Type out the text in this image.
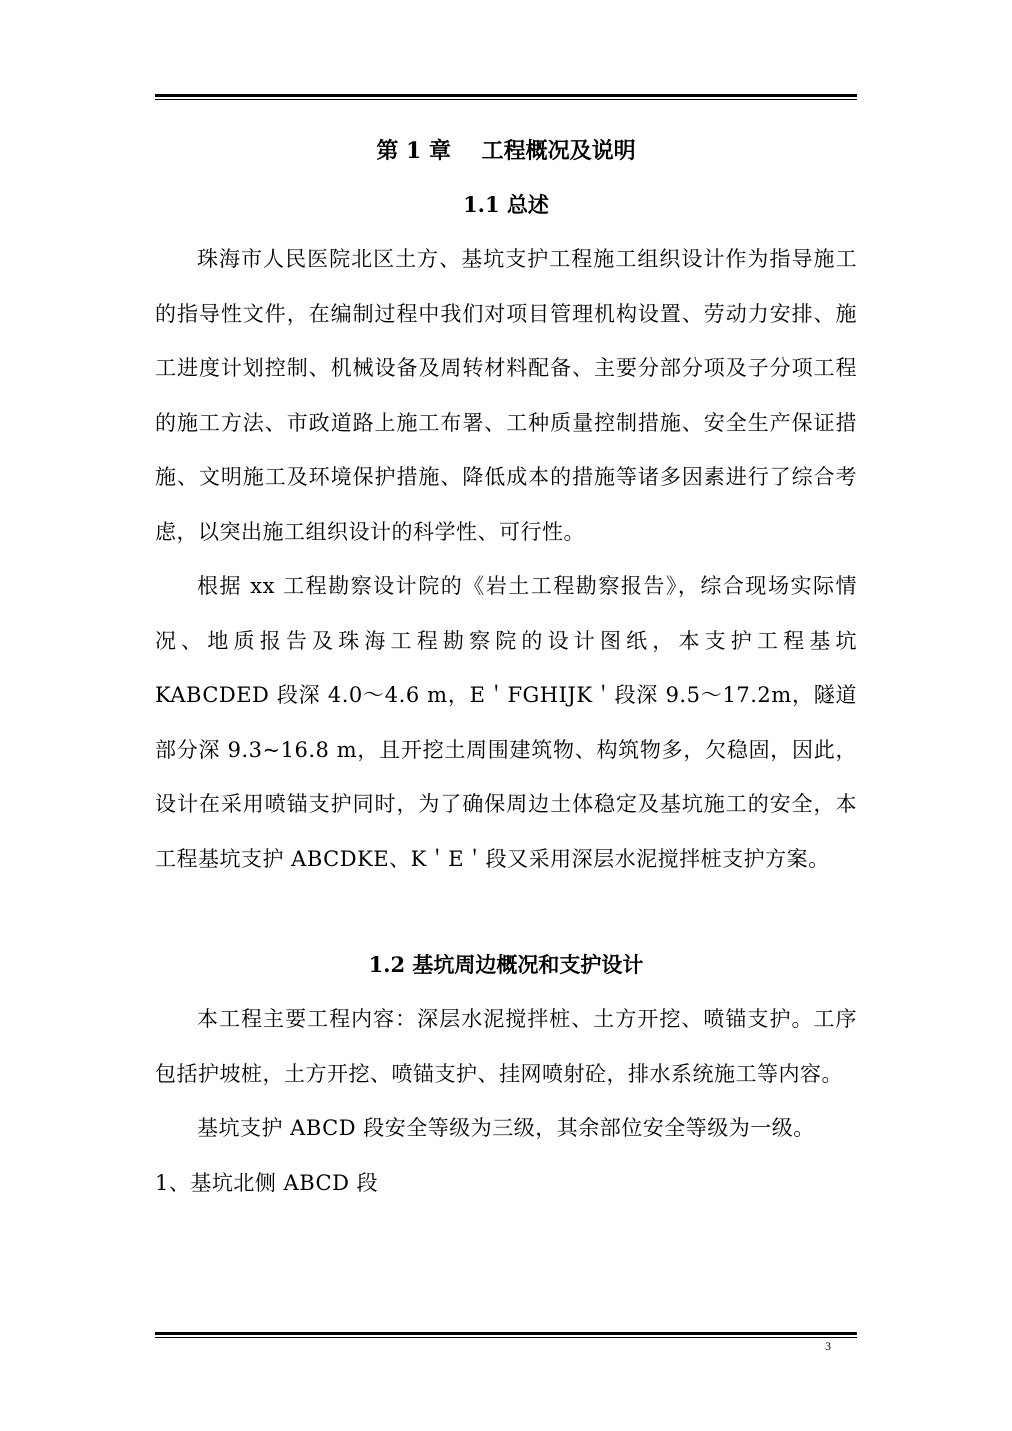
第 1 章    工程概况及说明
1.1 总述

珠海市人民医院北区土方、基坑支护工程施工组织设计作为指导施工的指导性文件，在编制过程中我们对项目管理机构设置、劳动力安排、施工进度计划控制、机械设备及周转材料配备、主要分部分项及子分项工程的施工方法、市政道路上施工布署、工种质量控制措施、安全生产保证措施、文明施工及环境保护措施、降低成本的措施等诸多因素进行了综合考虑，以突出施工组织设计的科学性、可行性。

根据 xx 工程勘察设计院的《岩土工程勘察报告》，综合现场实际情况、地质报告及珠海工程勘察院的设计图纸，本支护工程基坑 KABCDED 段深 4.0～4.6 m，E＇FGHIJK＇段深 9.5～17.2m，隧道部分深 9.3~16.8 m，且开挖土周围建筑物、构筑物多，欠稳固，因此，设计在采用喷锚支护同时，为了确保周边土体稳定及基坑施工的安全，本工程基坑支护 ABCDKE、K＇E＇段又采用深层水泥搅拌桩支护方案。

1.2 基坑周边概况和支护设计

本工程主要工程内容：深层水泥搅拌桩、土方开挖、喷锚支护。工序包括护坡桩，土方开挖、喷锚支护、挂网喷射砼，排水系统施工等内容。

基坑支护 ABCD 段安全等级为三级，其余部位安全等级为一级。

1、基坑北侧 ABCD 段

3
